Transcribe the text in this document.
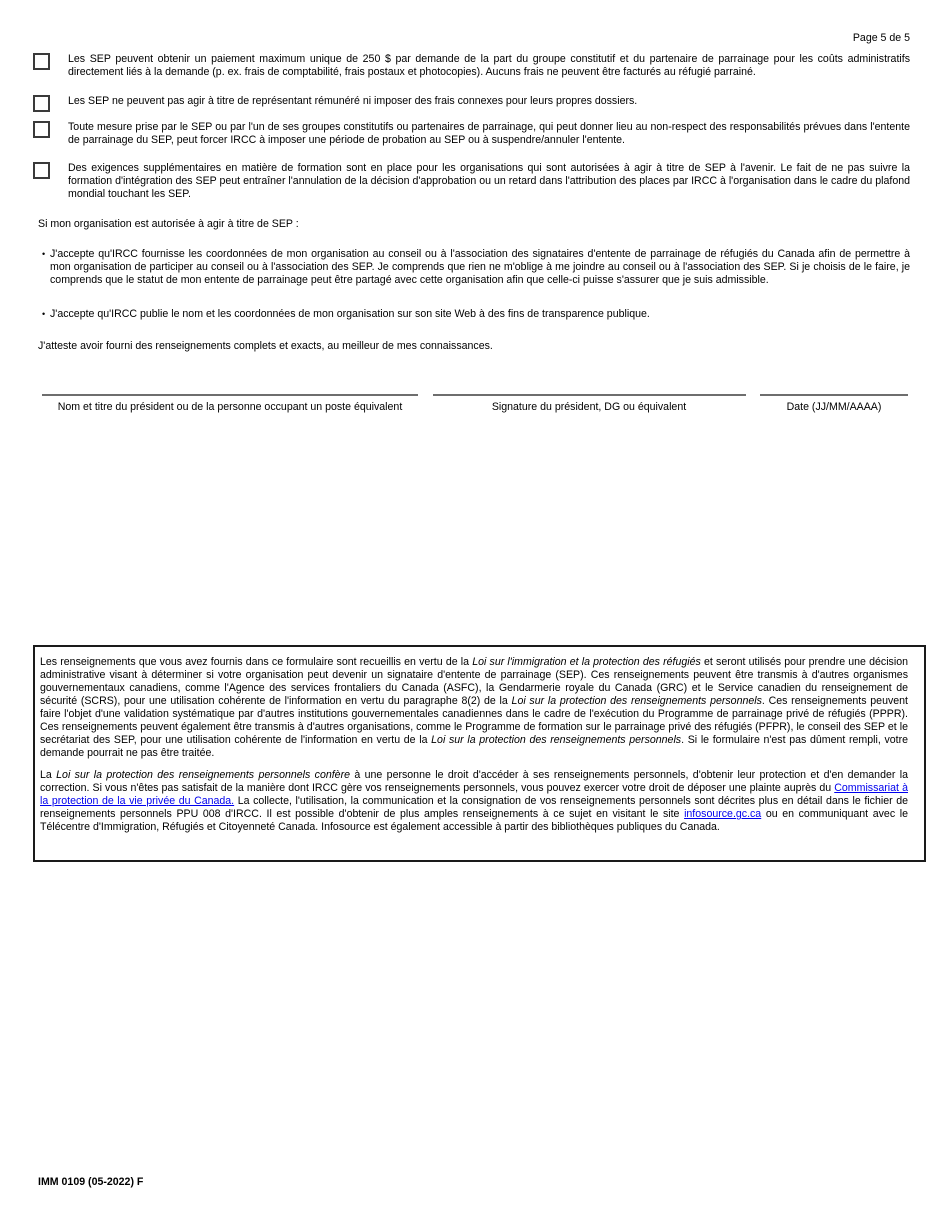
Page 5 de 5
Les SEP peuvent obtenir un paiement maximum unique de 250 $ par demande de la part du groupe constitutif et du partenaire de parrainage pour les coûts administratifs directement liés à la demande (p. ex. frais de comptabilité, frais postaux et photocopies). Aucuns frais ne peuvent être facturés au réfugié parrainé.
Les SEP ne peuvent pas agir à titre de représentant rémunéré ni imposer des frais connexes pour leurs propres dossiers.
Toute mesure prise par le SEP ou par l'un de ses groupes constitutifs ou partenaires de parrainage, qui peut donner lieu au non-respect des responsabilités prévues dans l'entente de parrainage du SEP, peut forcer IRCC à imposer une période de probation au SEP ou à suspendre/annuler l'entente.
Des exigences supplémentaires en matière de formation sont en place pour les organisations qui sont autorisées à agir à titre de SEP à l'avenir. Le fait de ne pas suivre la formation d'intégration des SEP peut entraîner l'annulation de la décision d'approbation ou un retard dans l'attribution des places par IRCC à l'organisation dans le cadre du plafond mondial touchant les SEP.
Si mon organisation est autorisée à agir à titre de SEP :
• J'accepte qu'IRCC fournisse les coordonnées de mon organisation au conseil ou à l'association des signataires d'entente de parrainage de réfugiés du Canada afin de permettre à mon organisation de participer au conseil ou à l'association des SEP. Je comprends que rien ne m'oblige à me joindre au conseil ou à l'association des SEP. Si je choisis de le faire, je comprends que le statut de mon entente de parrainage peut être partagé avec cette organisation afin que celle-ci puisse s'assurer que je suis admissible.
• J'accepte qu'IRCC publie le nom et les coordonnées de mon organisation sur son site Web à des fins de transparence publique.
J'atteste avoir fourni des renseignements complets et exacts, au meilleur de mes connaissances.
Nom et titre du président ou de la personne occupant un poste équivalent	Signature du président, DG ou équivalent	Date (JJ/MM/AAAA)

Les renseignements que vous avez fournis dans ce formulaire sont recueillis en vertu de la Loi sur l'immigration et la protection des réfugiés et seront utilisés pour prendre une décision administrative visant à déterminer si votre organisation peut devenir un signataire d'entente de parrainage (SEP). Ces renseignements peuvent être transmis à d'autres organismes gouvernementaux canadiens, comme l'Agence des services frontaliers du Canada (ASFC), la Gendarmerie royale du Canada (GRC) et le Service canadien du renseignement de sécurité (SCRS), pour une utilisation cohérente de l'information en vertu du paragraphe 8(2) de la Loi sur la protection des renseignements personnels. Ces renseignements peuvent faire l'objet d'une validation systématique par d'autres institutions gouvernementales canadiennes dans le cadre de l'exécution du Programme de parrainage privé de réfugiés (PPPR). Ces renseignements peuvent également être transmis à d'autres organisations, comme le Programme de formation sur le parrainage privé des réfugiés (PFPR), le conseil des SEP et le secrétariat des SEP, pour une utilisation cohérente de l'information en vertu de la Loi sur la protection des renseignements personnels. Si le formulaire n'est pas dûment rempli, votre demande pourrait ne pas être traitée.

La Loi sur la protection des renseignements personnels confère à une personne le droit d'accéder à ses renseignements personnels, d'obtenir leur protection et d'en demander la correction. Si vous n'êtes pas satisfait de la manière dont IRCC gère vos renseignements personnels, vous pouvez exercer votre droit de déposer une plainte auprès du Commissariat à la protection de la vie privée du Canada. La collecte, l'utilisation, la communication et la consignation de vos renseignements personnels sont décrites plus en détail dans le fichier de renseignements personnels PPU 008 d'IRCC. Il est possible d'obtenir de plus amples renseignements à ce sujet en visitant le site infosource.gc.ca ou en communiquant avec le Télécentre d'Immigration, Réfugiés et Citoyenneté Canada. Infosource est également accessible à partir des bibliothèques publiques du Canada.

IMM 0109 (05-2022) F
